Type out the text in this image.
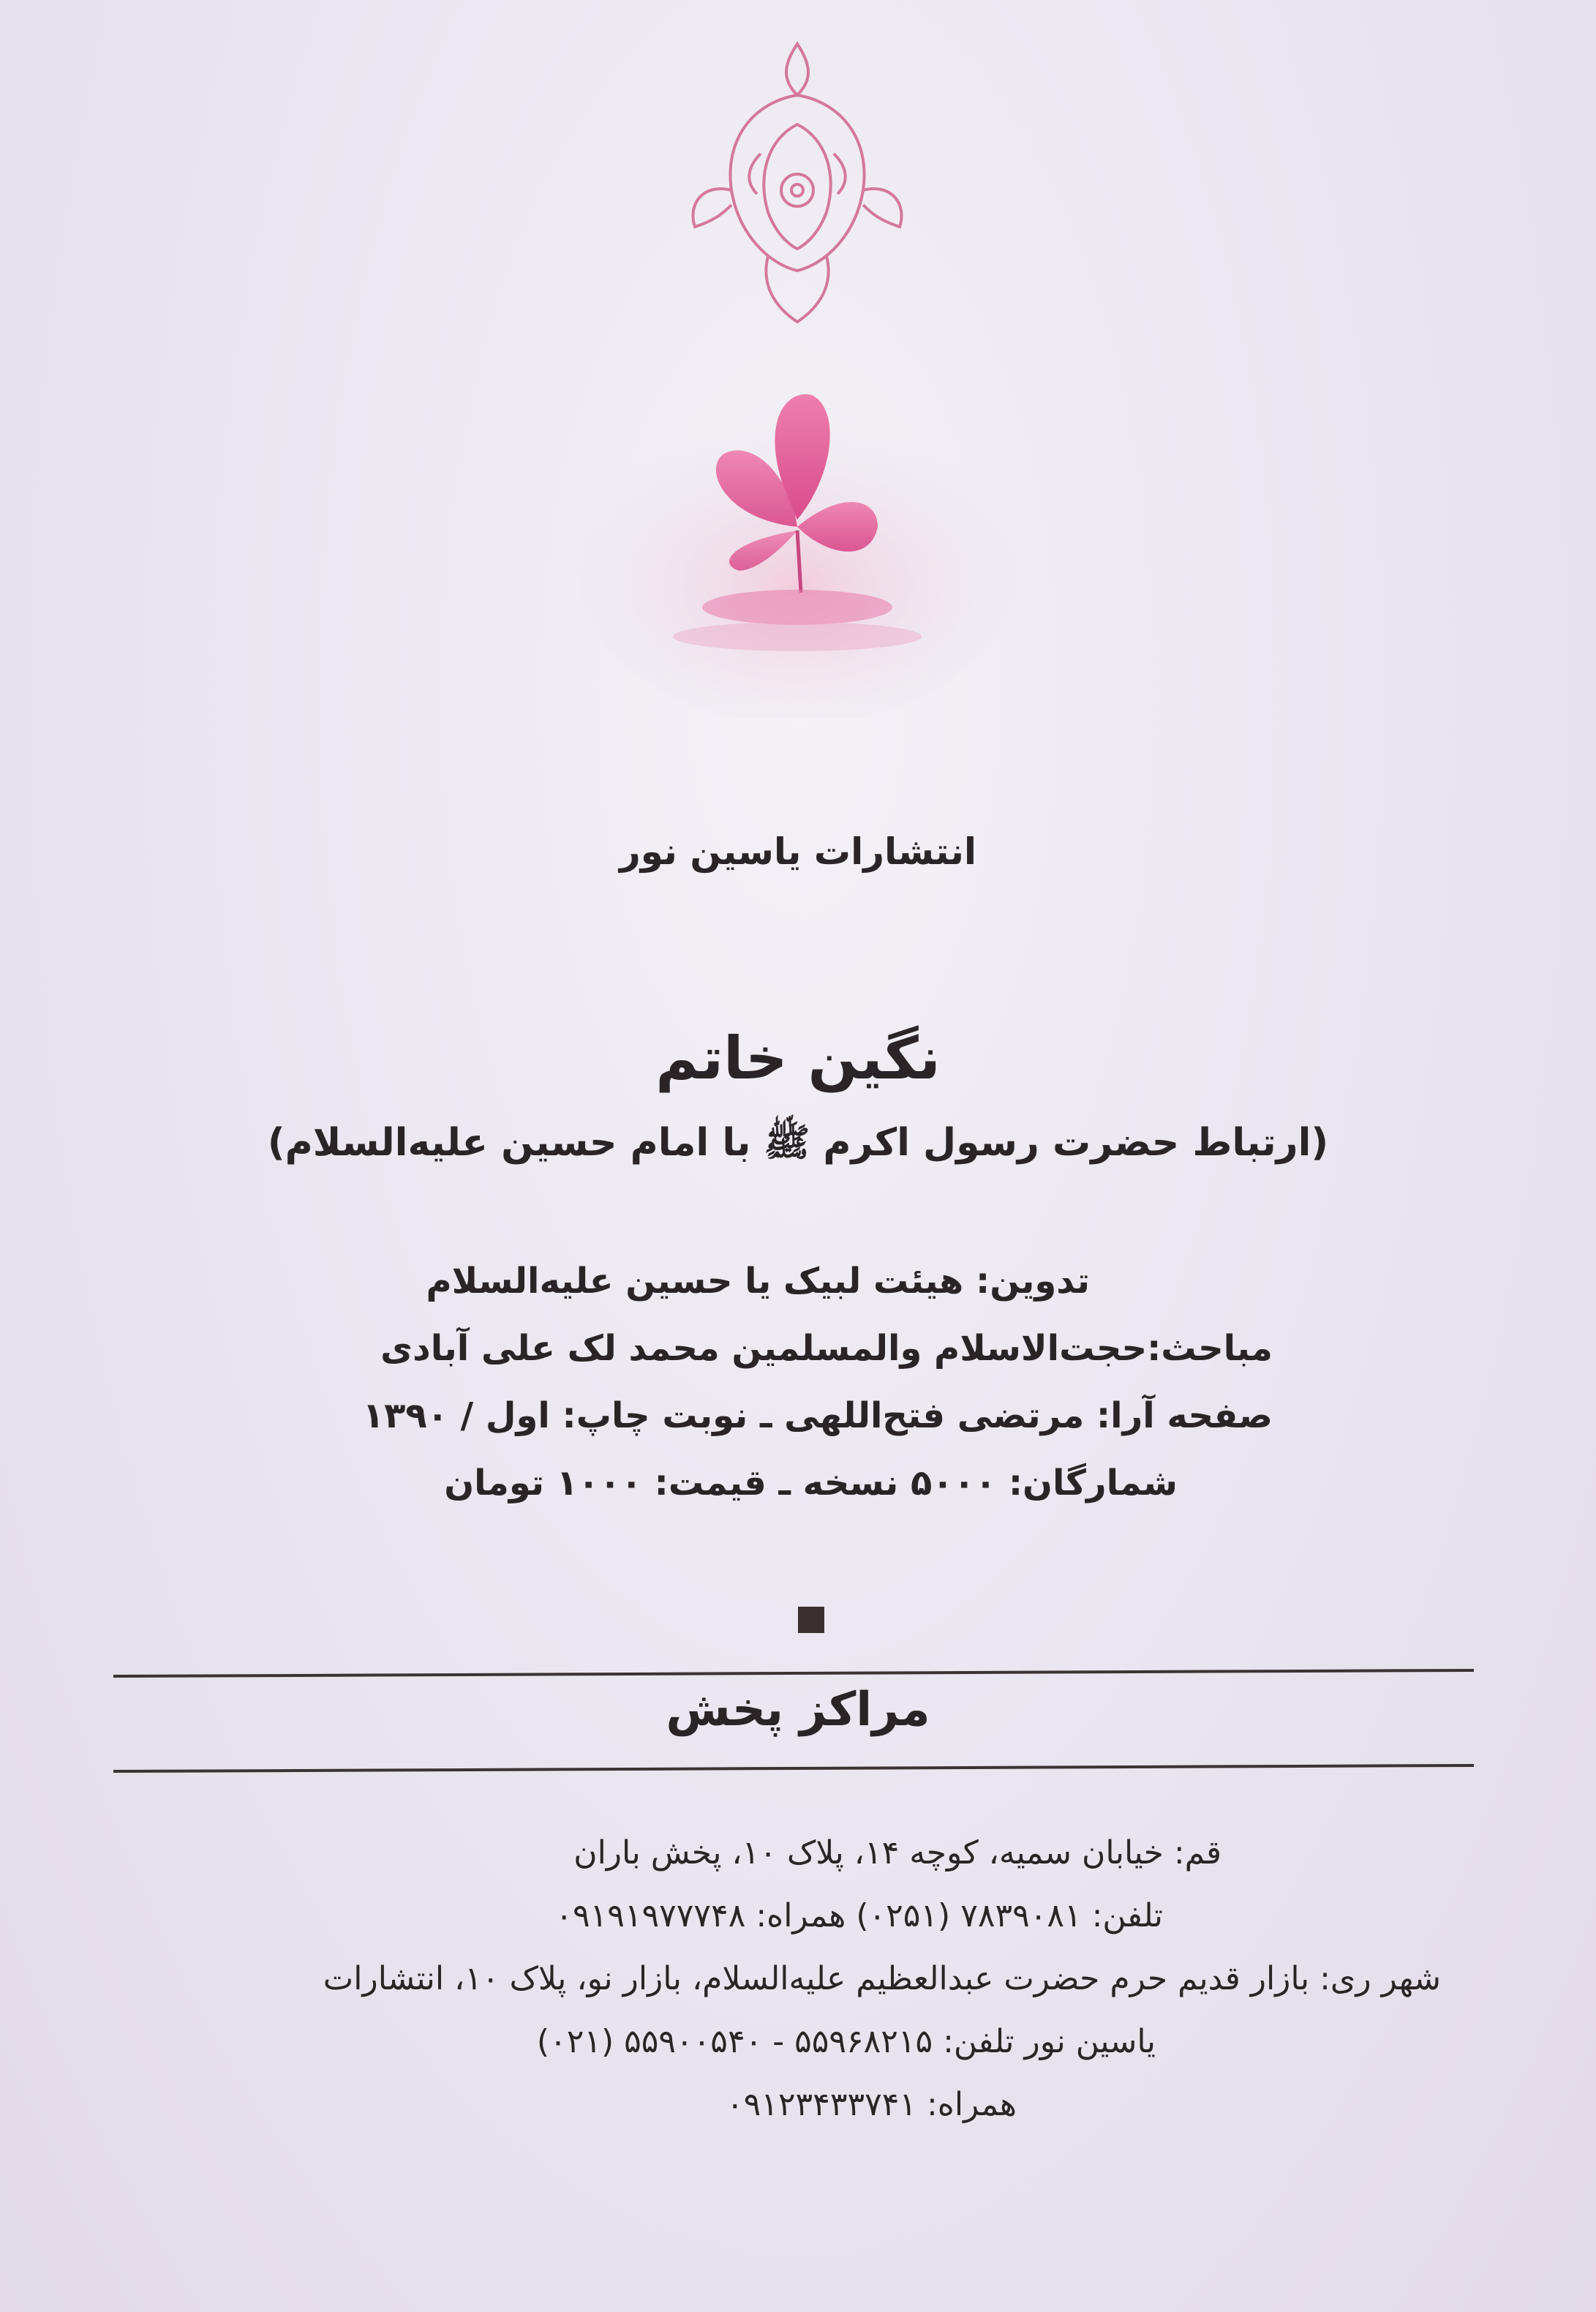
انتشارات یاسین نور
نگین خاتم
(ارتباط حضرت رسول اکرم ﷺ با امام حسین علیه‌السلام)
تدوین: هیئت لبیک یا حسین علیه‌السلام
مباحث:حجت‌الاسلام والمسلمین محمد لک علی آبادی
صفحه آرا: مرتضی فتح‌اللهی ـ نوبت چاپ: اول / ۱۳۹۰
شمارگان: ۵۰۰۰ نسخه ـ قیمت: ۱۰۰۰ تومان
مراکز پخش
قم: خیابان سمیه، کوچه ۱۴، پلاک ۱۰، پخش باران
تلفن: ۷۸۳۹۰۸۱ (۰۲۵۱) همراه: ۰۹۱۹۱۹۷۷۷۴۸
شهر ری: بازار قدیم حرم حضرت عبدالعظیم علیه‌السلام، بازار نو، پلاک ۱۰، انتشارات
یاسین نور تلفن: ۵۵۹۶۸۲۱۵ - ۵۵۹۰۰۵۴۰ (۰۲۱)
همراه: ۰۹۱۲۳۴۳۳۷۴۱
